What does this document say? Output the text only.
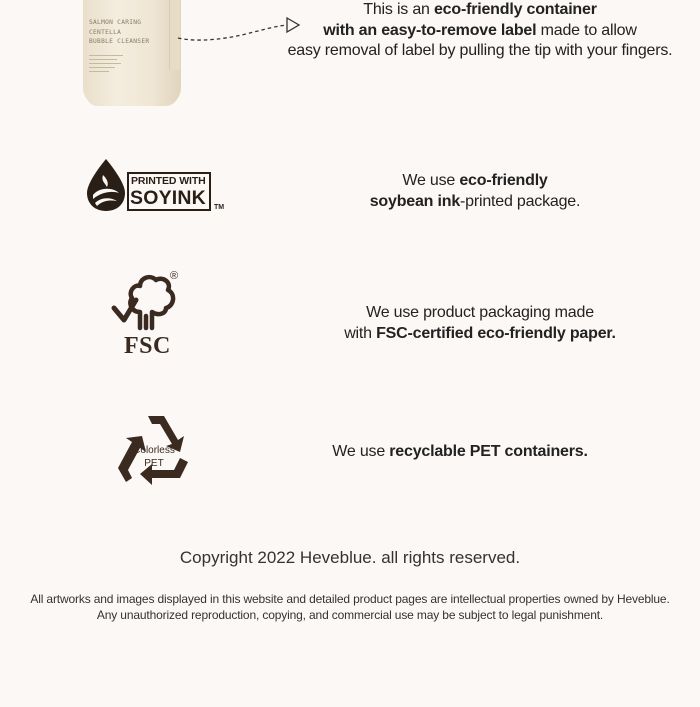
SALMON CARING
CENTELLA
BUBBLE CLEANSER
This is an eco-friendly container
with an easy-to-remove label made to allow
easy removal of label by pulling the tip with your fingers.
PRINTED WITH
SOYINK TM
We use eco-friendly
soybean ink-printed package.
®
FSC
We use product packaging made
with FSC-certified eco-friendly paper.
Colorless
PET
We use recyclable PET containers.
Copyright 2022 Heveblue. all rights reserved.
All artworks and images displayed in this website and detailed product pages are intellectual properties owned by Heveblue.
Any unauthorized reproduction, copying, and commercial use may be subject to legal punishment.
